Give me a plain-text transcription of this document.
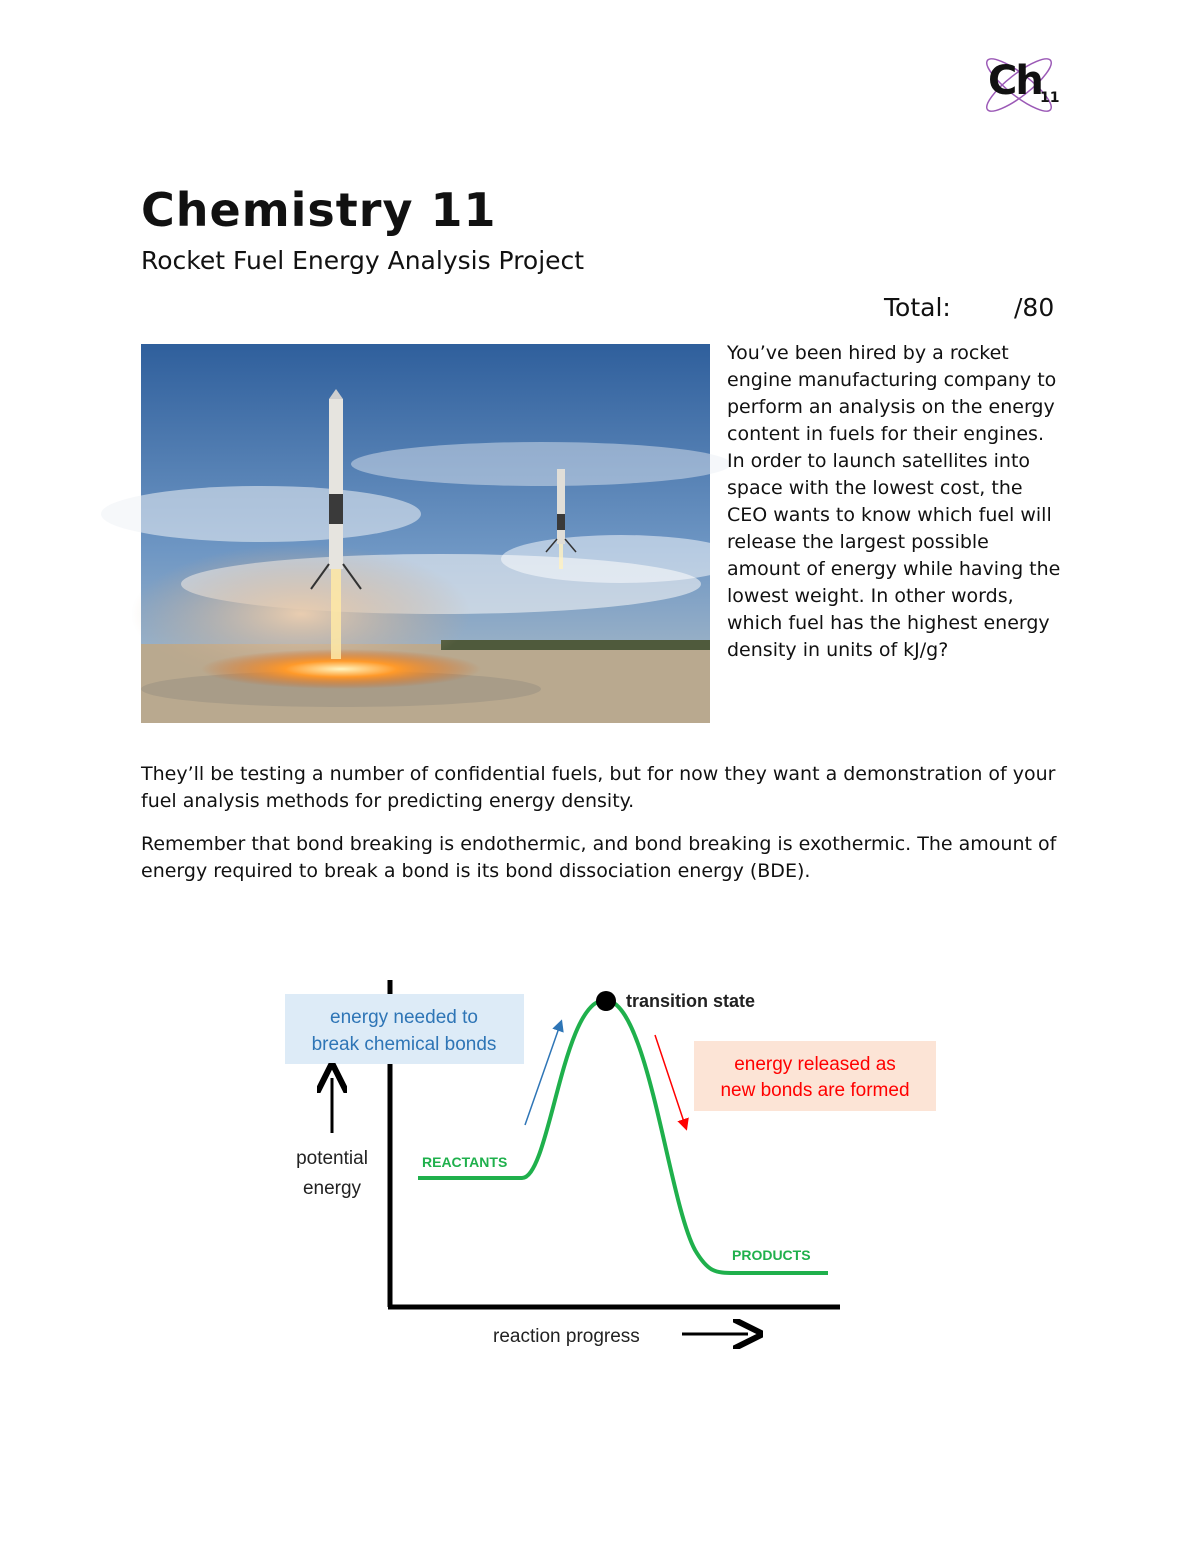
Ch
11
Chemistry 11
Rocket Fuel Energy Analysis Project
Total:	/80

You’ve been hired by a rocket engine manufacturing company to perform an analysis on the energy content in fuels for their engines. In order to launch satellites into space with the lowest cost, the CEO wants to know which fuel will release the largest possible amount of energy while having the lowest weight. In other words, which fuel has the highest energy density in units of kJ/g?

They’ll be testing a number of confidential fuels, but for now they want a demonstration of your fuel analysis methods for predicting energy density.

Remember that bond breaking is endothermic, and bond breaking is exothermic. The amount of energy required to break a bond is its bond dissociation energy (BDE).

transition state
energy needed to
break chemical bonds
energy released as
new bonds are formed
REACTANTS
PRODUCTS
potential
energy
reaction progress
